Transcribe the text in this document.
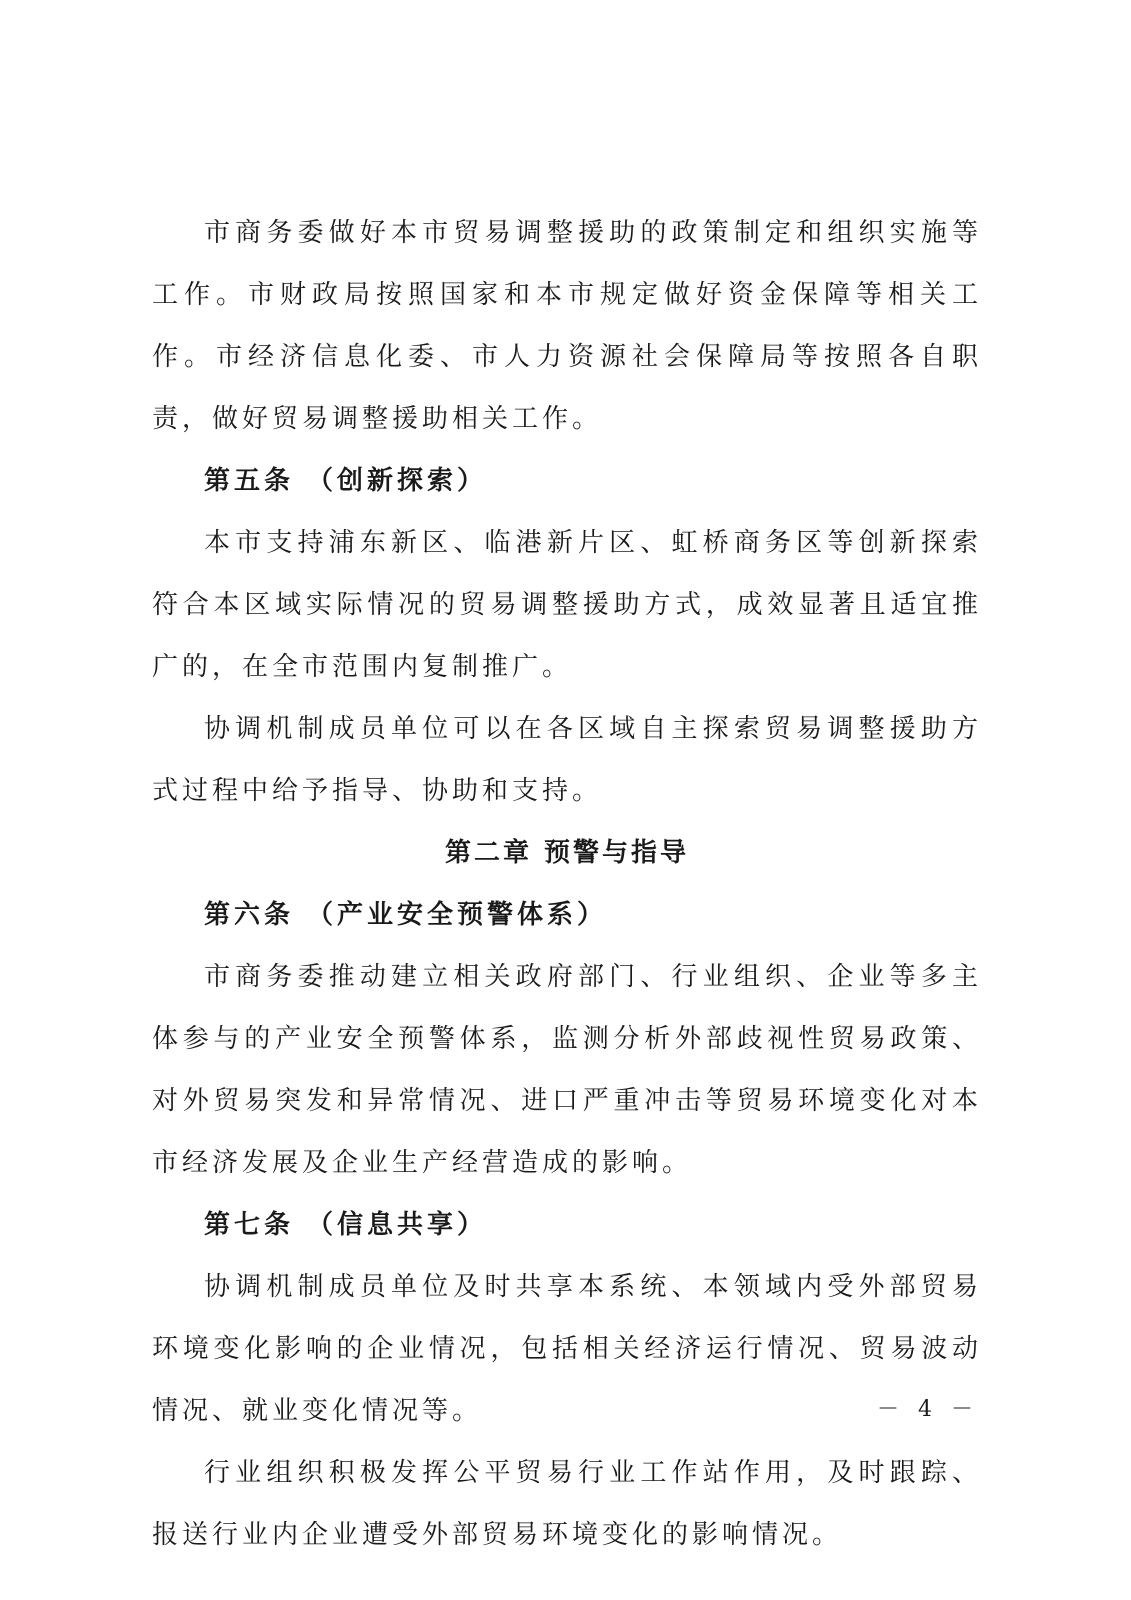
市商务委做好本市贸易调整援助的政策制定和组织实施等工作。市财政局按照国家和本市规定做好资金保障等相关工作。市经济信息化委、市人力资源社会保障局等按照各自职责，做好贸易调整援助相关工作。

第五条 （创新探索）

本市支持浦东新区、临港新片区、虹桥商务区等创新探索符合本区域实际情况的贸易调整援助方式，成效显著且适宜推广的，在全市范围内复制推广。

协调机制成员单位可以在各区域自主探索贸易调整援助方式过程中给予指导、协助和支持。

第二章 预警与指导

第六条 （产业安全预警体系）

市商务委推动建立相关政府部门、行业组织、企业等多主体参与的产业安全预警体系，监测分析外部歧视性贸易政策、对外贸易突发和异常情况、进口严重冲击等贸易环境变化对本市经济发展及企业生产经营造成的影响。

第七条 （信息共享）

协调机制成员单位及时共享本系统、本领域内受外部贸易环境变化影响的企业情况，包括相关经济运行情况、贸易波动情况、就业变化情况等。

行业组织积极发挥公平贸易行业工作站作用，及时跟踪、报送行业内企业遭受外部贸易环境变化的影响情况。

－ 4 －
